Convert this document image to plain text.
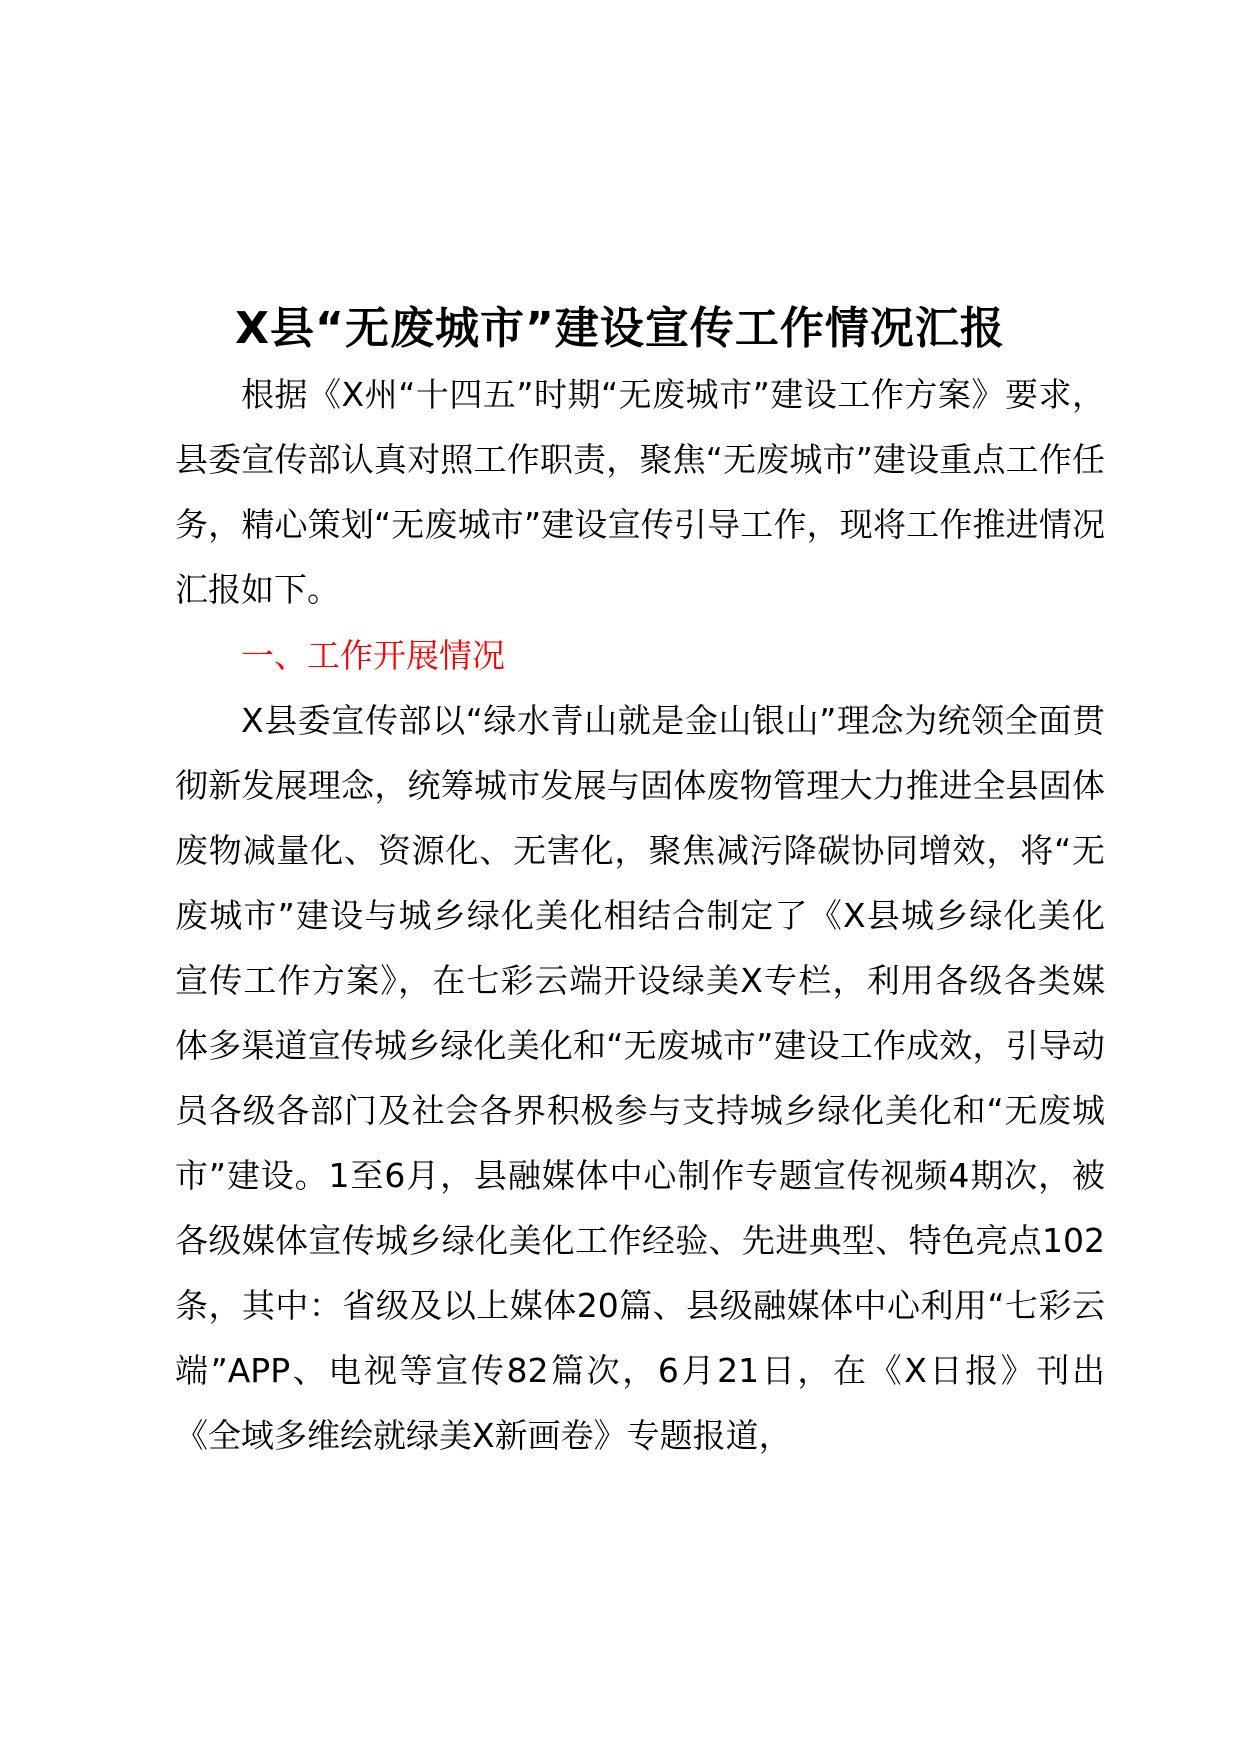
X县“无废城市”建设宣传工作情况汇报

根据《X州“十四五”时期“无废城市”建设工作方案》要求，县委宣传部认真对照工作职责，聚焦“无废城市”建设重点工作任务，精心策划“无废城市”建设宣传引导工作，现将工作推进情况汇报如下。

一、工作开展情况

X县委宣传部以“绿水青山就是金山银山”理念为统领全面贯彻新发展理念，统筹城市发展与固体废物管理大力推进全县固体废物减量化、资源化、无害化，聚焦减污降碳协同增效，将“无废城市”建设与城乡绿化美化相结合制定了《X县城乡绿化美化宣传工作方案》，在七彩云端开设绿美X专栏，利用各级各类媒体多渠道宣传城乡绿化美化和“无废城市”建设工作成效，引导动员各级各部门及社会各界积极参与支持城乡绿化美化和“无废城市”建设。1至6月，县融媒体中心制作专题宣传视频4期次，被各级媒体宣传城乡绿化美化工作经验、先进典型、特色亮点102条，其中：省级及以上媒体20篇、县级融媒体中心利用“七彩云端”APP、电视等宣传82篇次，6月21日，在《X日报》刊出《全域多维绘就绿美X新画卷》专题报道，
